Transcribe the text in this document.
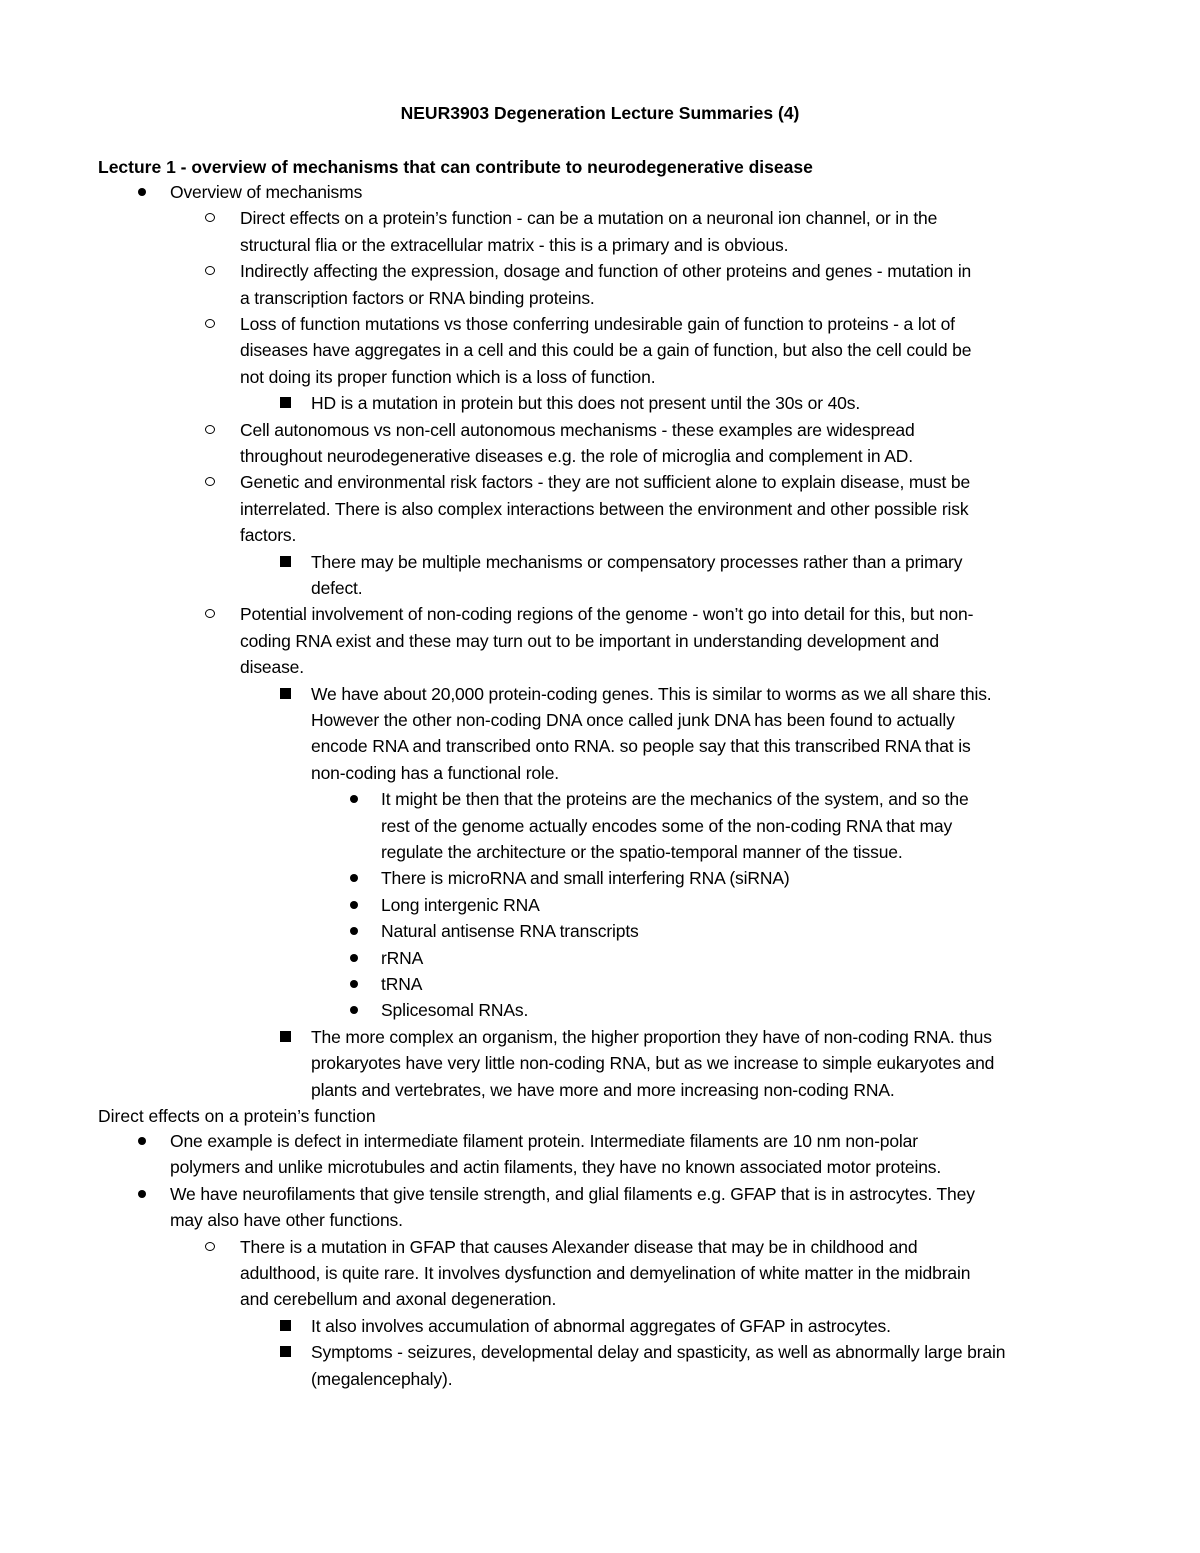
NEUR3903 Degeneration Lecture Summaries (4)
Lecture 1 - overview of mechanisms that can contribute to neurodegenerative disease
Overview of mechanisms
Direct effects on a protein’s function - can be a mutation on a neuronal ion channel, or in the
structural flia or the extracellular matrix - this is a primary and is obvious.
Indirectly affecting the expression, dosage and function of other proteins and genes - mutation in
a transcription factors or RNA binding proteins.
Loss of function mutations vs those conferring undesirable gain of function to proteins - a lot of
diseases have aggregates in a cell and this could be a gain of function, but also the cell could be
not doing its proper function which is a loss of function.
HD is a mutation in protein but this does not present until the 30s or 40s.
Cell autonomous vs non-cell autonomous mechanisms - these examples are widespread
throughout neurodegenerative diseases e.g. the role of microglia and complement in AD.
Genetic and environmental risk factors - they are not sufficient alone to explain disease, must be
interrelated. There is also complex interactions between the environment and other possible risk
factors.
There may be multiple mechanisms or compensatory processes rather than a primary
defect.
Potential involvement of non-coding regions of the genome - won’t go into detail for this, but non-
coding RNA exist and these may turn out to be important in understanding development and
disease.
We have about 20,000 protein-coding genes. This is similar to worms as we all share this.
However the other non-coding DNA once called junk DNA has been found to actually
encode RNA and transcribed onto RNA. so people say that this transcribed RNA that is
non-coding has a functional role.
It might be then that the proteins are the mechanics of the system, and so the
rest of the genome actually encodes some of the non-coding RNA that may
regulate the architecture or the spatio-temporal manner of the tissue.
There is microRNA and small interfering RNA (siRNA)
Long intergenic RNA
Natural antisense RNA transcripts
rRNA
tRNA
Splicesomal RNAs.
The more complex an organism, the higher proportion they have of non-coding RNA. thus
prokaryotes have very little non-coding RNA, but as we increase to simple eukaryotes and
plants and vertebrates, we have more and more increasing non-coding RNA.
Direct effects on a protein’s function
One example is defect in intermediate filament protein. Intermediate filaments are 10 nm non-polar
polymers and unlike microtubules and actin filaments, they have no known associated motor proteins.
We have neurofilaments that give tensile strength, and glial filaments e.g. GFAP that is in astrocytes. They
may also have other functions.
There is a mutation in GFAP that causes Alexander disease that may be in childhood and
adulthood, is quite rare. It involves dysfunction and demyelination of white matter in the midbrain
and cerebellum and axonal degeneration.
It also involves accumulation of abnormal aggregates of GFAP in astrocytes.
Symptoms - seizures, developmental delay and spasticity, as well as abnormally large brain
(megalencephaly).
